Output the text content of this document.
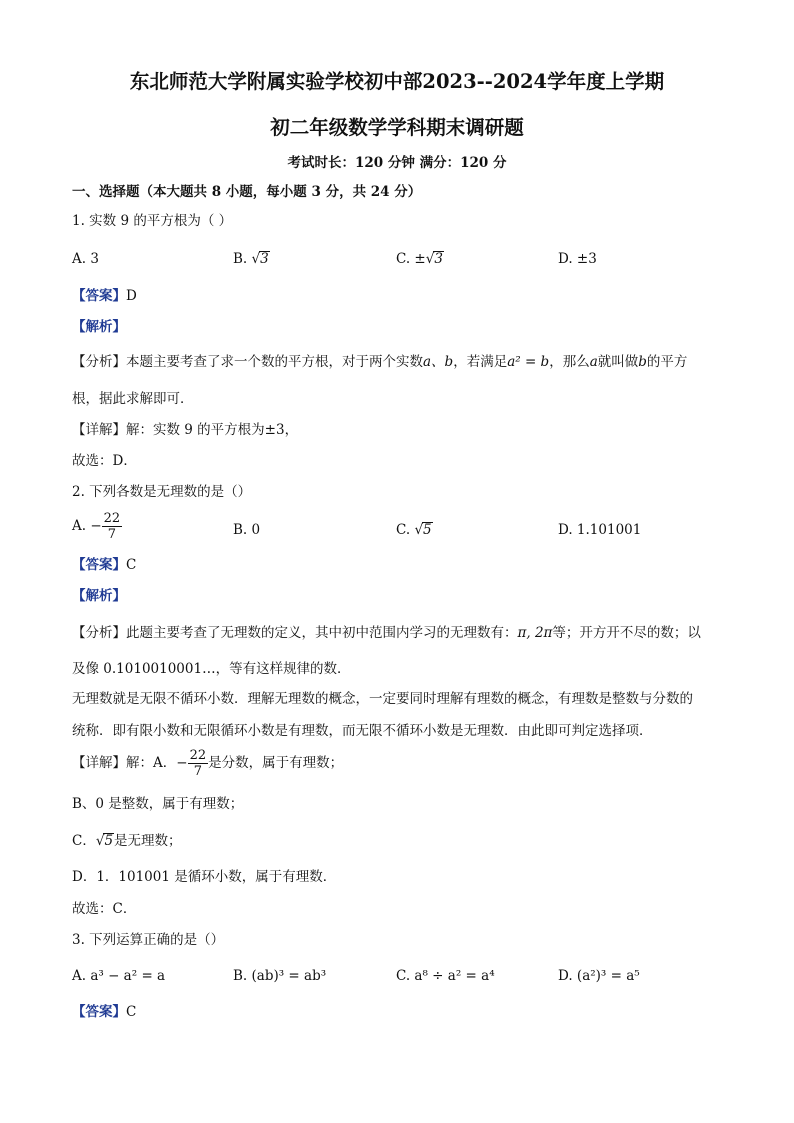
东北师范大学附属实验学校初中部2023--2024学年度上学期
初二年级数学学科期末调研题
考试时长：120 分钟 满分：120 分
一、选择题（本大题共 8 小题，每小题 3 分，共 24 分）
1. 实数 9 的平方根为（ ）
A. 3	B. √3	C. ±√3	D. ±3
【答案】D
【解析】
【分析】本题主要考查了求一个数的平方根，对于两个实数a、b，若满足a² = b，那么a就叫做b的平方
根，据此求解即可．
【详解】解：实数 9 的平方根为±3，
故选：D．
2. 下列各数是无理数的是（）
A. − $\frac{22}{7}$	B. 0	C. √5	D. 1.101001
【答案】C
【解析】
【分析】此题主要考查了无理数的定义，其中初中范围内学习的无理数有：π, 2π等；开方开不尽的数；以
及像 0.1010010001…，等有这样规律的数．
无理数就是无限不循环小数．理解无理数的概念，一定要同时理解有理数的概念，有理数是整数与分数的
统称．即有限小数和无限循环小数是有理数，而无限不循环小数是无理数．由此即可判定选择项．
【详解】解：A．− $\frac{22}{7}$ 是分数，属于有理数；
B、0 是整数，属于有理数；
C．√5是无理数；
D．1．101001 是循环小数，属于有理数．
故选：C．
3. 下列运算正确的是（）
A. a³ − a² = a	B. (ab)³ = ab³	C. a⁸ ÷ a² = a⁴	D. (a²)³ = a⁵
【答案】C
